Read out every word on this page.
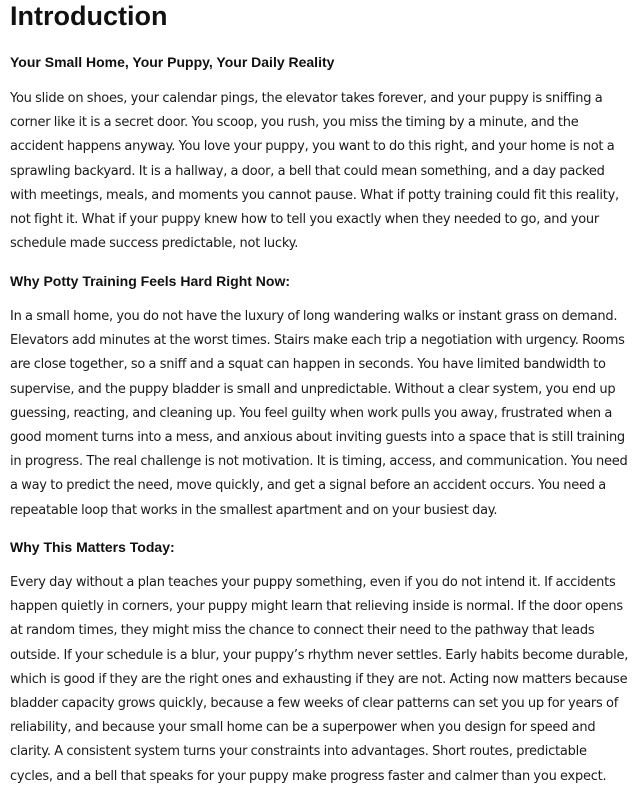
Introduction
Your Small Home, Your Puppy, Your Daily Reality

You slide on shoes, your calendar pings, the elevator takes forever, and your puppy is sniffing a corner like it is a secret door. You scoop, you rush, you miss the timing by a minute, and the accident happens anyway. You love your puppy, you want to do this right, and your home is not a sprawling backyard. It is a hallway, a door, a bell that could mean something, and a day packed with meetings, meals, and moments you cannot pause. What if potty training could fit this reality, not fight it. What if your puppy knew how to tell you exactly when they needed to go, and your schedule made success predictable, not lucky.

Why Potty Training Feels Hard Right Now:

In a small home, you do not have the luxury of long wandering walks or instant grass on demand. Elevators add minutes at the worst times. Stairs make each trip a negotiation with urgency. Rooms are close together, so a sniff and a squat can happen in seconds. You have limited bandwidth to supervise, and the puppy bladder is small and unpredictable. Without a clear system, you end up guessing, reacting, and cleaning up. You feel guilty when work pulls you away, frustrated when a good moment turns into a mess, and anxious about inviting guests into a space that is still training in progress. The real challenge is not motivation. It is timing, access, and communication. You need a way to predict the need, move quickly, and get a signal before an accident occurs. You need a repeatable loop that works in the smallest apartment and on your busiest day.

Why This Matters Today:

Every day without a plan teaches your puppy something, even if you do not intend it. If accidents happen quietly in corners, your puppy might learn that relieving inside is normal. If the door opens at random times, they might miss the chance to connect their need to the pathway that leads outside. If your schedule is a blur, your puppy’s rhythm never settles. Early habits become durable, which is good if they are the right ones and exhausting if they are not. Acting now matters because bladder capacity grows quickly, because a few weeks of clear patterns can set you up for years of reliability, and because your small home can be a superpower when you design for speed and clarity. A consistent system turns your constraints into advantages. Short routes, predictable cycles, and a bell that speaks for your puppy make progress faster and calmer than you expect.
